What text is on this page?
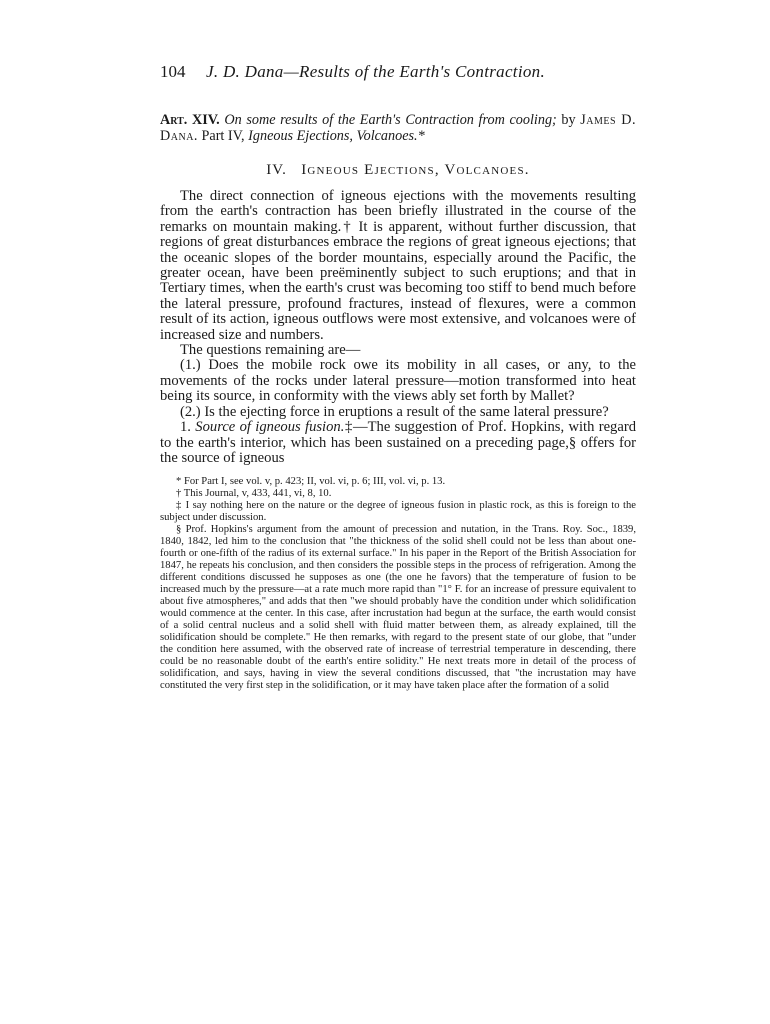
104 J. D. Dana—Results of the Earth's Contraction.
Art. XIV. On some results of the Earth's Contraction from cooling; by James D. Dana. Part IV, Igneous Ejections, Volcanoes.*
IV. Igneous Ejections, Volcanoes.

The direct connection of igneous ejections with the movements resulting from the earth's contraction has been briefly illustrated in the course of the remarks on mountain making.† It is apparent, without further discussion, that regions of great disturbances embrace the regions of great igneous ejections; that the oceanic slopes of the border mountains, especially around the Pacific, the greater ocean, have been preëminently subject to such eruptions; and that in Tertiary times, when the earth's crust was becoming too stiff to bend much before the lateral pressure, profound fractures, instead of flexures, were a common result of its action, igneous outflows were most extensive, and volcanoes were of increased size and numbers.

The questions remaining are—

(1.) Does the mobile rock owe its mobility in all cases, or any, to the movements of the rocks under lateral pressure—motion transformed into heat being its source, in conformity with the views ably set forth by Mallet?

(2.) Is the ejecting force in eruptions a result of the same lateral pressure?

1. Source of igneous fusion.‡—The suggestion of Prof. Hopkins, with regard to the earth's interior, which has been sustained on a preceding page,§ offers for the source of igneous

* For Part I, see vol. v, p. 423; II, vol. vi, p. 6; III, vol. vi, p. 13.

† This Journal, v, 433, 441, vi, 8, 10.

‡ I say nothing here on the nature or the degree of igneous fusion in plastic rock, as this is foreign to the subject under discussion.

§ Prof. Hopkins's argument from the amount of precession and nutation, in the Trans. Roy. Soc., 1839, 1840, 1842, led him to the conclusion that "the thickness of the solid shell could not be less than about one-fourth or one-fifth of the radius of its external surface." In his paper in the Report of the British Association for 1847, he repeats his conclusion, and then considers the possible steps in the process of refrigeration. Among the different conditions discussed he supposes as one (the one he favors) that the temperature of fusion to be increased much by the pressure—at a rate much more rapid than "1° F. for an increase of pressure equivalent to about five atmospheres," and adds that then "we should probably have the condition under which solidification would commence at the center. In this case, after incrustation had begun at the surface, the earth would consist of a solid central nucleus and a solid shell with fluid matter between them, as already explained, till the solidification should be complete." He then remarks, with regard to the present state of our globe, that "under the condition here assumed, with the observed rate of increase of terrestrial temperature in descending, there could be no reasonable doubt of the earth's entire solidity." He next treats more in detail of the process of solidification, and says, having in view the several conditions discussed, that "the incrustation may have constituted the very first step in the solidification, or it may have taken place after the formation of a solid
